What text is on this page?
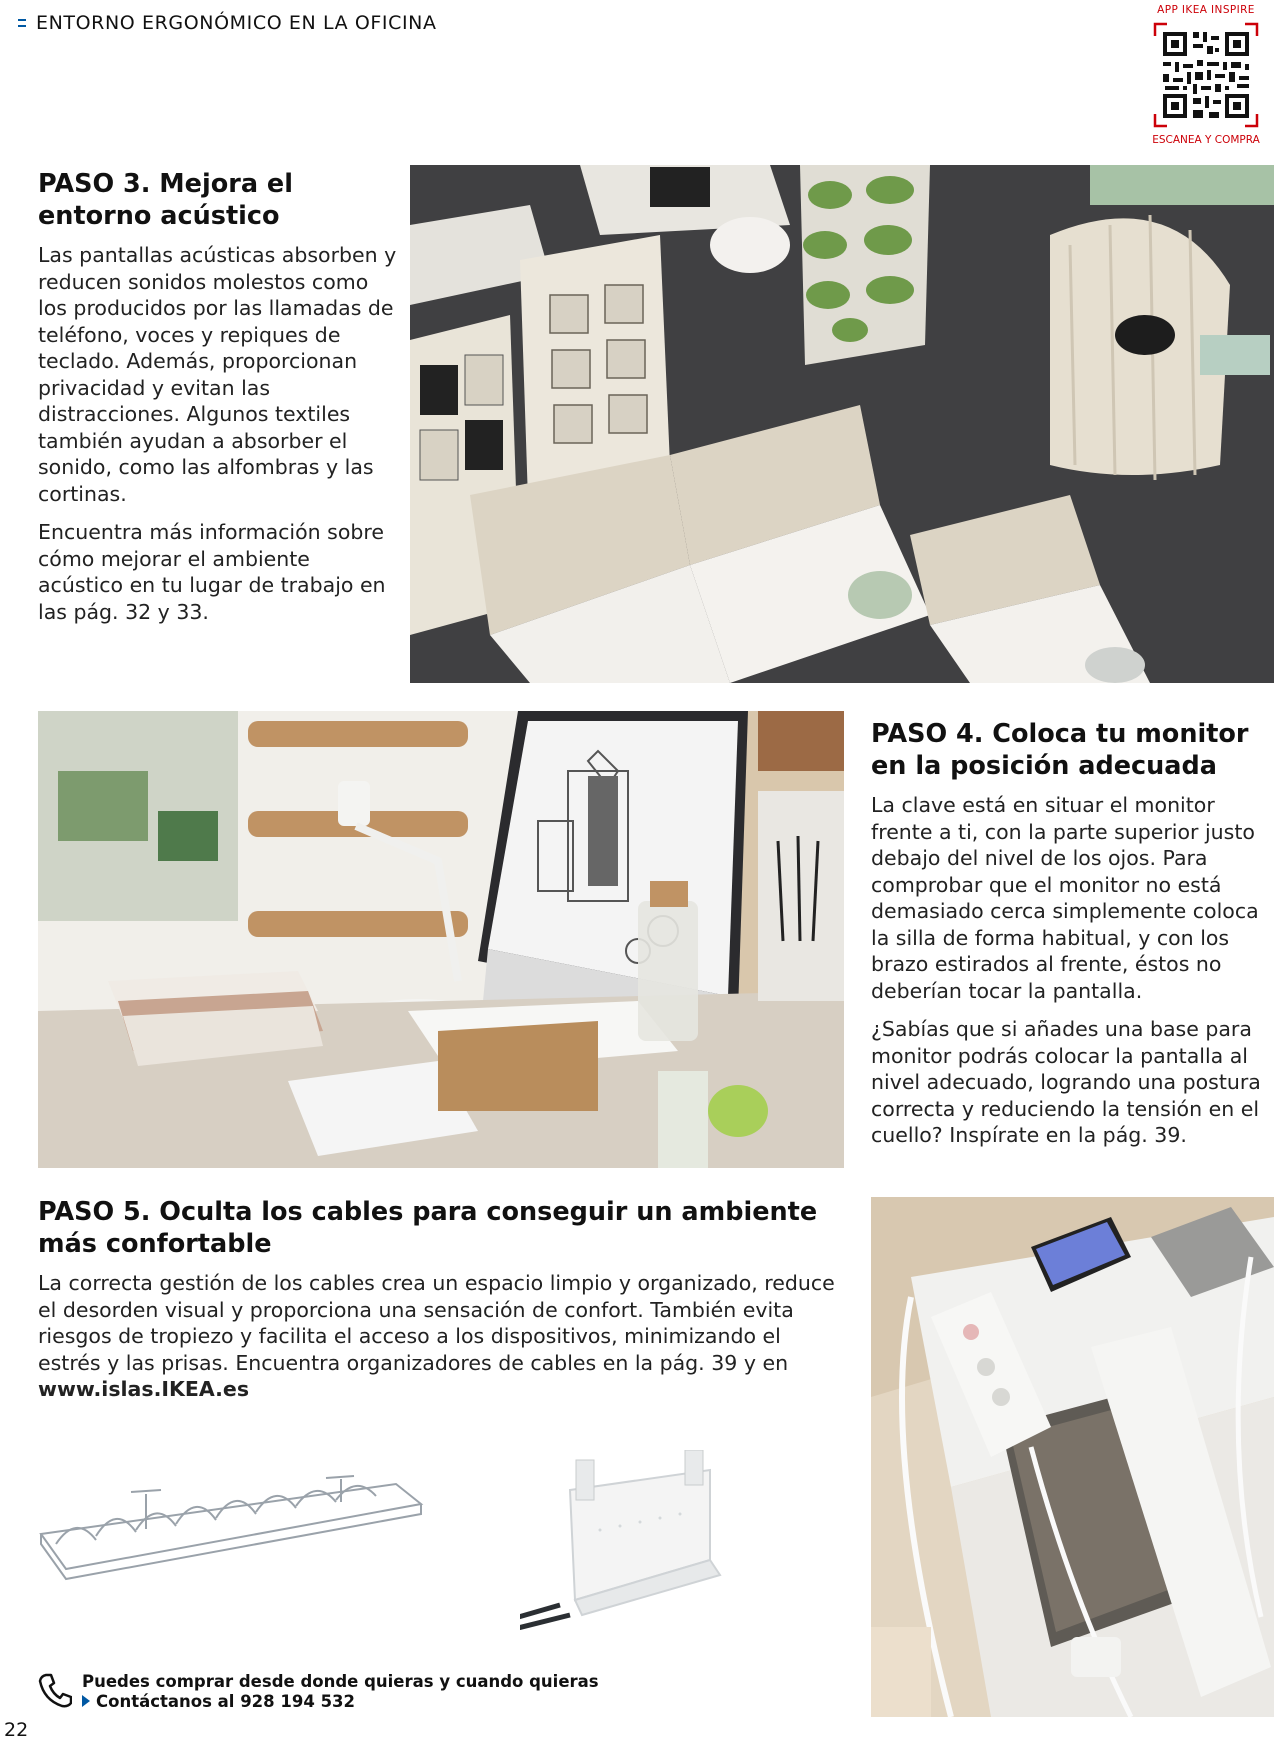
ENTORNO ERGONÓMICO EN LA OFICINA
APP IKEA INSPIRE
ESCANEA Y COMPRA
PASO 3. Mejora el entorno acústico

Las pantallas acústicas absorben y reducen sonidos molestos como los producidos por las llamadas de teléfono, voces y repiques de teclado. Además, proporcionan privacidad y evitan las distracciones. Algunos textiles también ayudan a absorber el sonido, como las alfombras y las cortinas.

Encuentra más información sobre cómo mejorar el ambiente acústico en tu lugar de trabajo en las pág. 32 y 33.

PASO 4. Coloca tu monitor en la posición adecuada

La clave está en situar el monitor frente a ti, con la parte superior justo debajo del nivel de los ojos. Para comprobar que el monitor no está demasiado cerca simplemente coloca la silla de forma habitual, y con los brazo estirados al frente, éstos no deberían tocar la pantalla.

¿Sabías que si añades una base para monitor podrás colocar la pantalla al nivel adecuado, logrando una postura correcta y reduciendo la tensión en el cuello? Inspírate en la pág. 39.

PASO 5. Oculta los cables para conseguir un ambiente más confortable

La correcta gestión de los cables crea un espacio limpio y organizado, reduce el desorden visual y proporciona una sensación de confort. También evita riesgos de tropiezo y facilita el acceso a los dispositivos, minimizando el estrés y las prisas. Encuentra organizadores de cables en la pág. 39 y en www.islas.IKEA.es

Puedes comprar desde donde quieras y cuando quieras
Contáctanos al 928 194 532
22
